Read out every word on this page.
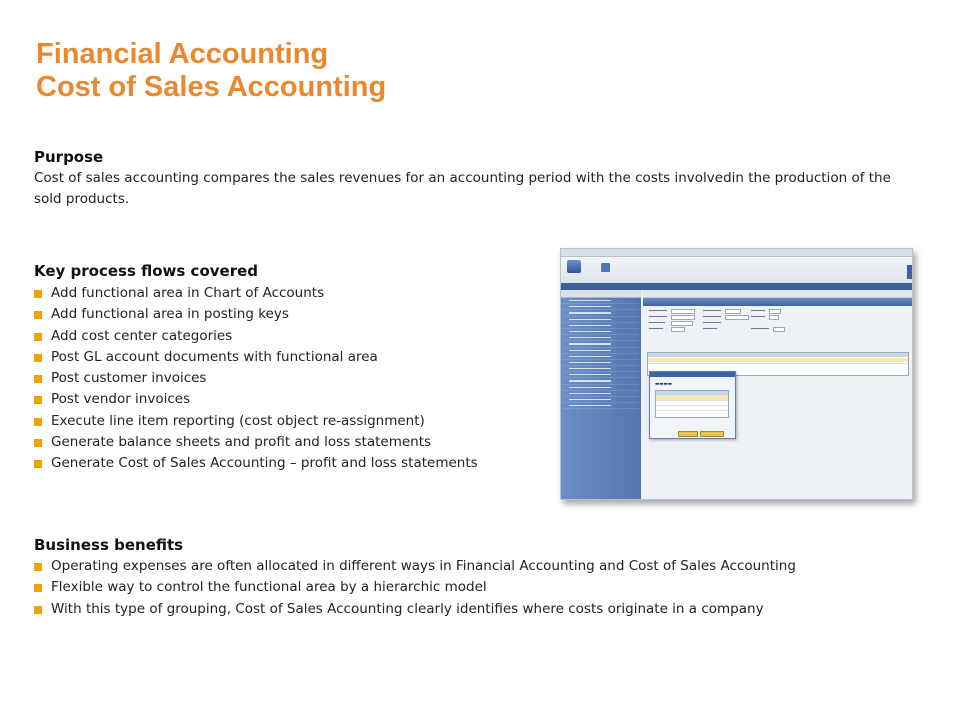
Financial Accounting
Cost of Sales Accounting
Purpose
Cost of sales accounting compares the sales revenues for an accounting period with the costs involvedin the production of the sold products.
Key process flows covered
Add functional area in Chart of Accounts
Add functional area in posting keys
Add cost center categories
Post GL account documents with functional area
Post customer invoices
Post vendor invoices
Execute line item reporting (cost object re-assignment)
Generate balance sheets and profit and loss statements
Generate Cost of Sales Accounting – profit and loss statements
Business benefits
Operating expenses are often allocated in different ways in Financial Accounting and Cost of Sales Accounting
Flexible way to control the functional area by a hierarchic model
With this type of grouping, Cost of Sales Accounting clearly identifies where costs originate in a company
▬▬▬▬
